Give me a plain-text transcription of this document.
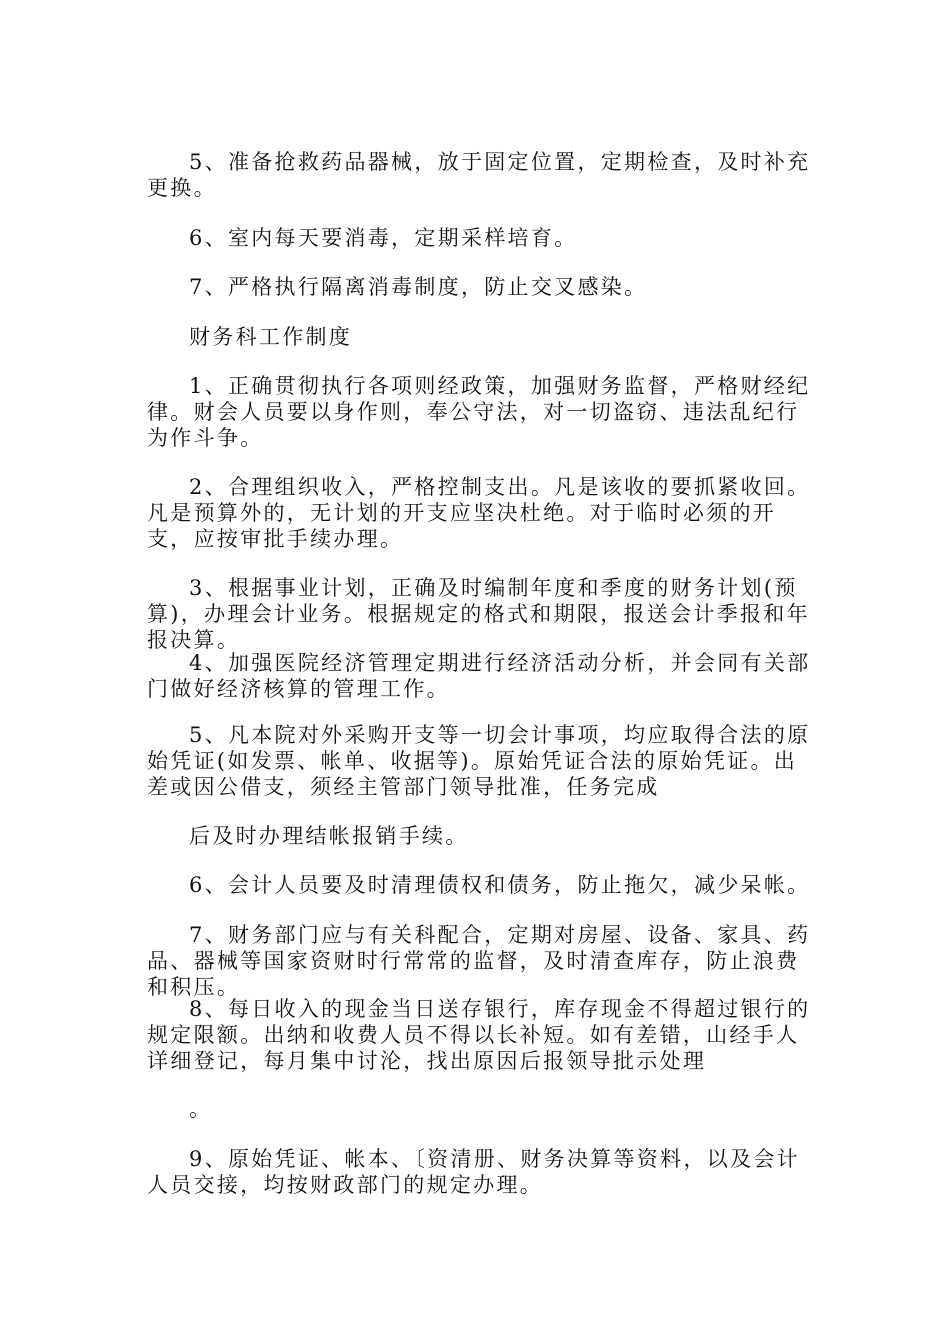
5、准备抢救药品器械，放于固定位置，定期检查，及时补充更换。

6、室内每天要消毒，定期采样培育。

7、严格执行隔离消毒制度，防止交叉感染。

财务科工作制度

1、正确贯彻执行各项则经政策，加强财务监督，严格财经纪律。财会人员要以身作则，奉公守法，对一切盗窃、违法乱纪行为作斗争。

2、合理组织收入，严格控制支出。凡是该收的要抓紧收回。凡是预算外的，无计划的开支应坚决杜绝。对于临时必须的开支，应按审批手续办理。

3、根据事业计划，正确及时编制年度和季度的财务计划(预算)，办理会计业务。根据规定的格式和期限，报送会计季报和年报决算。

4、加强医院经济管理定期进行经济活动分析，并会同有关部门做好经济核算的管理工作。

5、凡本院对外采购开支等一切会计事项，均应取得合法的原始凭证(如发票、帐单、收据等)。原始凭证合法的原始凭证。出差或因公借支，须经主管部门领导批准，任务完成

后及时办理结帐报销手续。

6、会计人员要及时清理债权和债务，防止拖欠，减少呆帐。

7、财务部门应与有关科配合，定期对房屋、设备、家具、药品、器械等国家资财时行常常的监督，及时清查库存，防止浪费和积压。

8、每日收入的现金当日送存银行，库存现金不得超过银行的规定限额。出纳和收费人员不得以长补短。如有差错，山经手人详细登记，每月集中讨沦，找出原因后报领导批示处理

。

9、原始凭证、帐本、〔资清册、财务决算等资料，以及会计人员交接，均按财政部门的规定办理。
